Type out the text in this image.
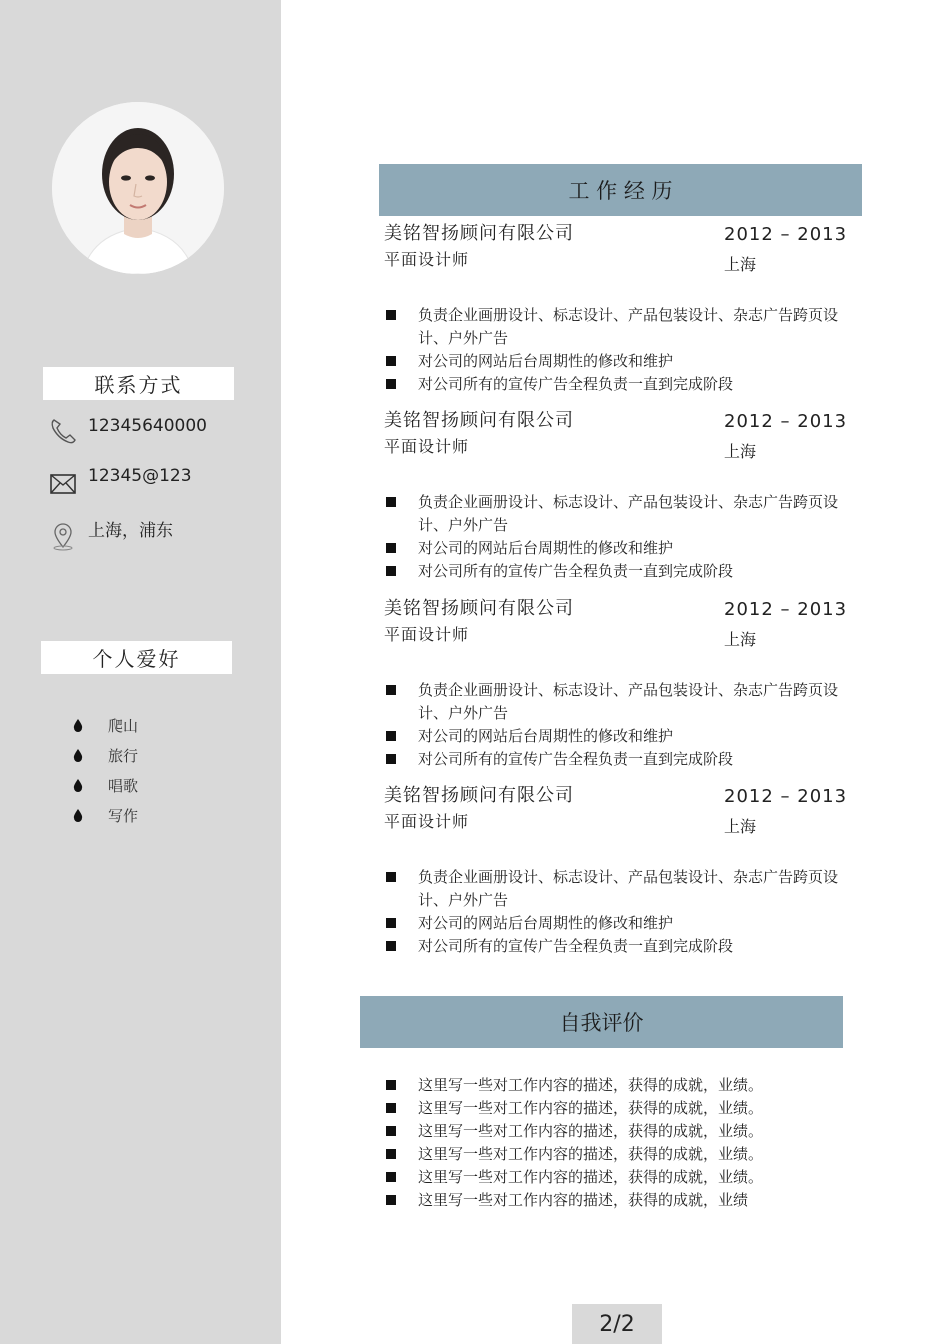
联系方式
12345640000
12345@123
上海，浦东
个人爱好
爬山
旅行
唱歌
写作
工 作 经 历
美铭智扬顾问有限公司
平面设计师
2012 – 2013
上海
负责企业画册设计、标志设计、产品包装设计、杂志广告跨页设计、户外广告
对公司的网站后台周期性的修改和维护
对公司所有的宣传广告全程负责一直到完成阶段
美铭智扬顾问有限公司
平面设计师
2012 – 2013
上海
负责企业画册设计、标志设计、产品包装设计、杂志广告跨页设计、户外广告
对公司的网站后台周期性的修改和维护
对公司所有的宣传广告全程负责一直到完成阶段
美铭智扬顾问有限公司
平面设计师
2012 – 2013
上海
负责企业画册设计、标志设计、产品包装设计、杂志广告跨页设计、户外广告
对公司的网站后台周期性的修改和维护
对公司所有的宣传广告全程负责一直到完成阶段
美铭智扬顾问有限公司
平面设计师
2012 – 2013
上海
负责企业画册设计、标志设计、产品包装设计、杂志广告跨页设计、户外广告
对公司的网站后台周期性的修改和维护
对公司所有的宣传广告全程负责一直到完成阶段
自我评价
这里写一些对工作内容的描述，获得的成就，业绩。
这里写一些对工作内容的描述，获得的成就，业绩。
这里写一些对工作内容的描述，获得的成就，业绩。
这里写一些对工作内容的描述，获得的成就，业绩。
这里写一些对工作内容的描述，获得的成就，业绩。
这里写一些对工作内容的描述，获得的成就，业绩
2/2
